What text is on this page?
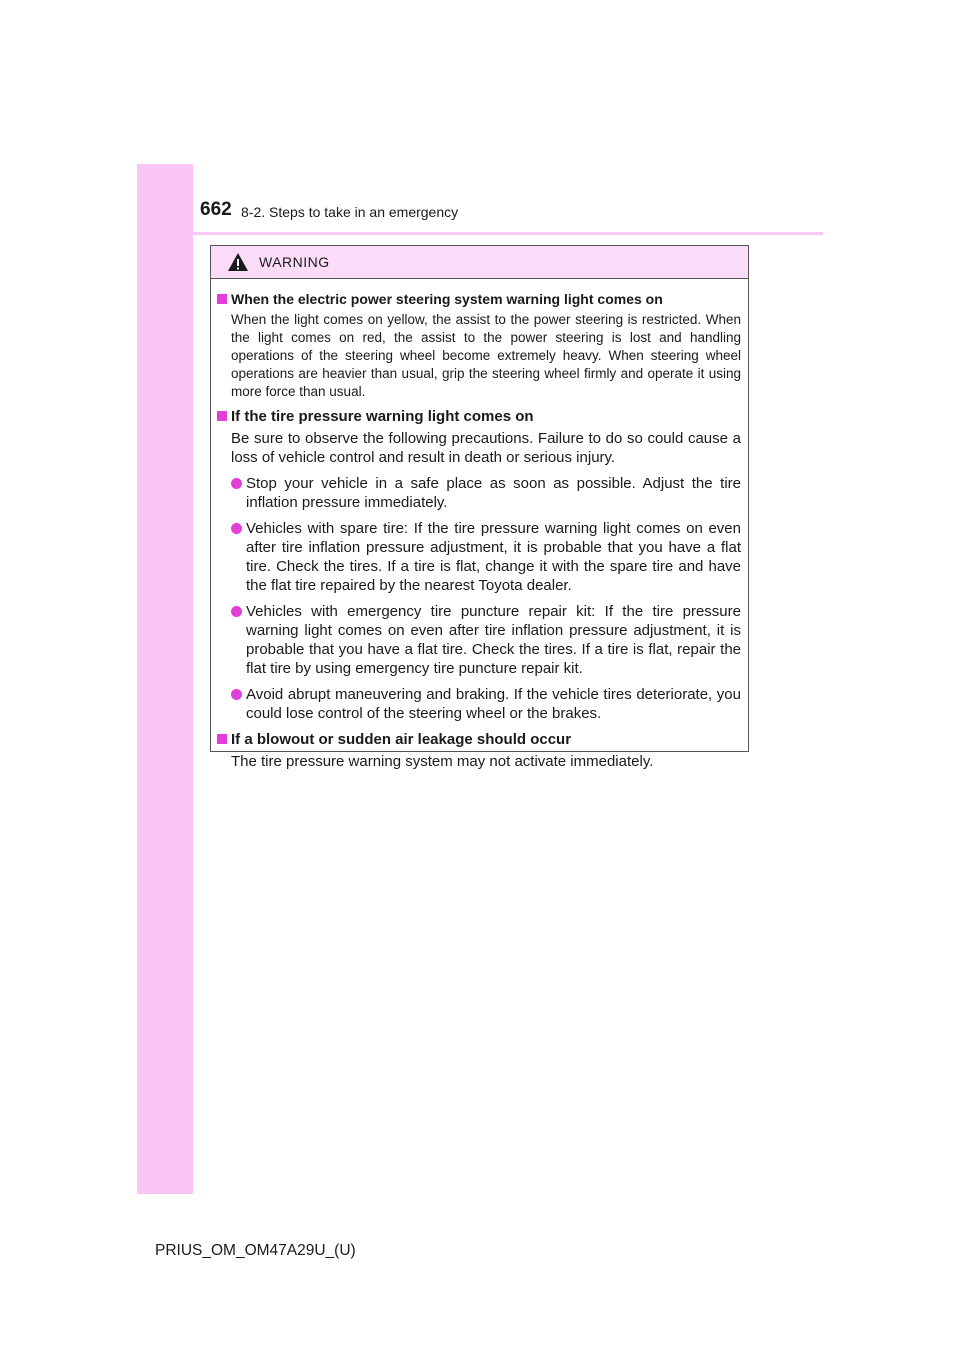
662 8-2. Steps to take in an emergency
WARNING
When the electric power steering system warning light comes on
When the light comes on yellow, the assist to the power steering is restricted. When the light comes on red, the assist to the power steering is lost and handling operations of the steering wheel become extremely heavy. When steering wheel operations are heavier than usual, grip the steering wheel firmly and operate it using more force than usual.
If the tire pressure warning light comes on
Be sure to observe the following precautions. Failure to do so could cause a loss of vehicle control and result in death or serious injury.
Stop your vehicle in a safe place as soon as possible. Adjust the tire inflation pressure immediately.
Vehicles with spare tire: If the tire pressure warning light comes on even after tire inflation pressure adjustment, it is probable that you have a flat tire. Check the tires. If a tire is flat, change it with the spare tire and have the flat tire repaired by the nearest Toyota dealer.
Vehicles with emergency tire puncture repair kit: If the tire pressure warning light comes on even after tire inflation pressure adjustment, it is probable that you have a flat tire. Check the tires. If a tire is flat, repair the flat tire by using emergency tire puncture repair kit.
Avoid abrupt maneuvering and braking. If the vehicle tires deteriorate, you could lose control of the steering wheel or the brakes.
If a blowout or sudden air leakage should occur
The tire pressure warning system may not activate immediately.
PRIUS_OM_OM47A29U_(U)
